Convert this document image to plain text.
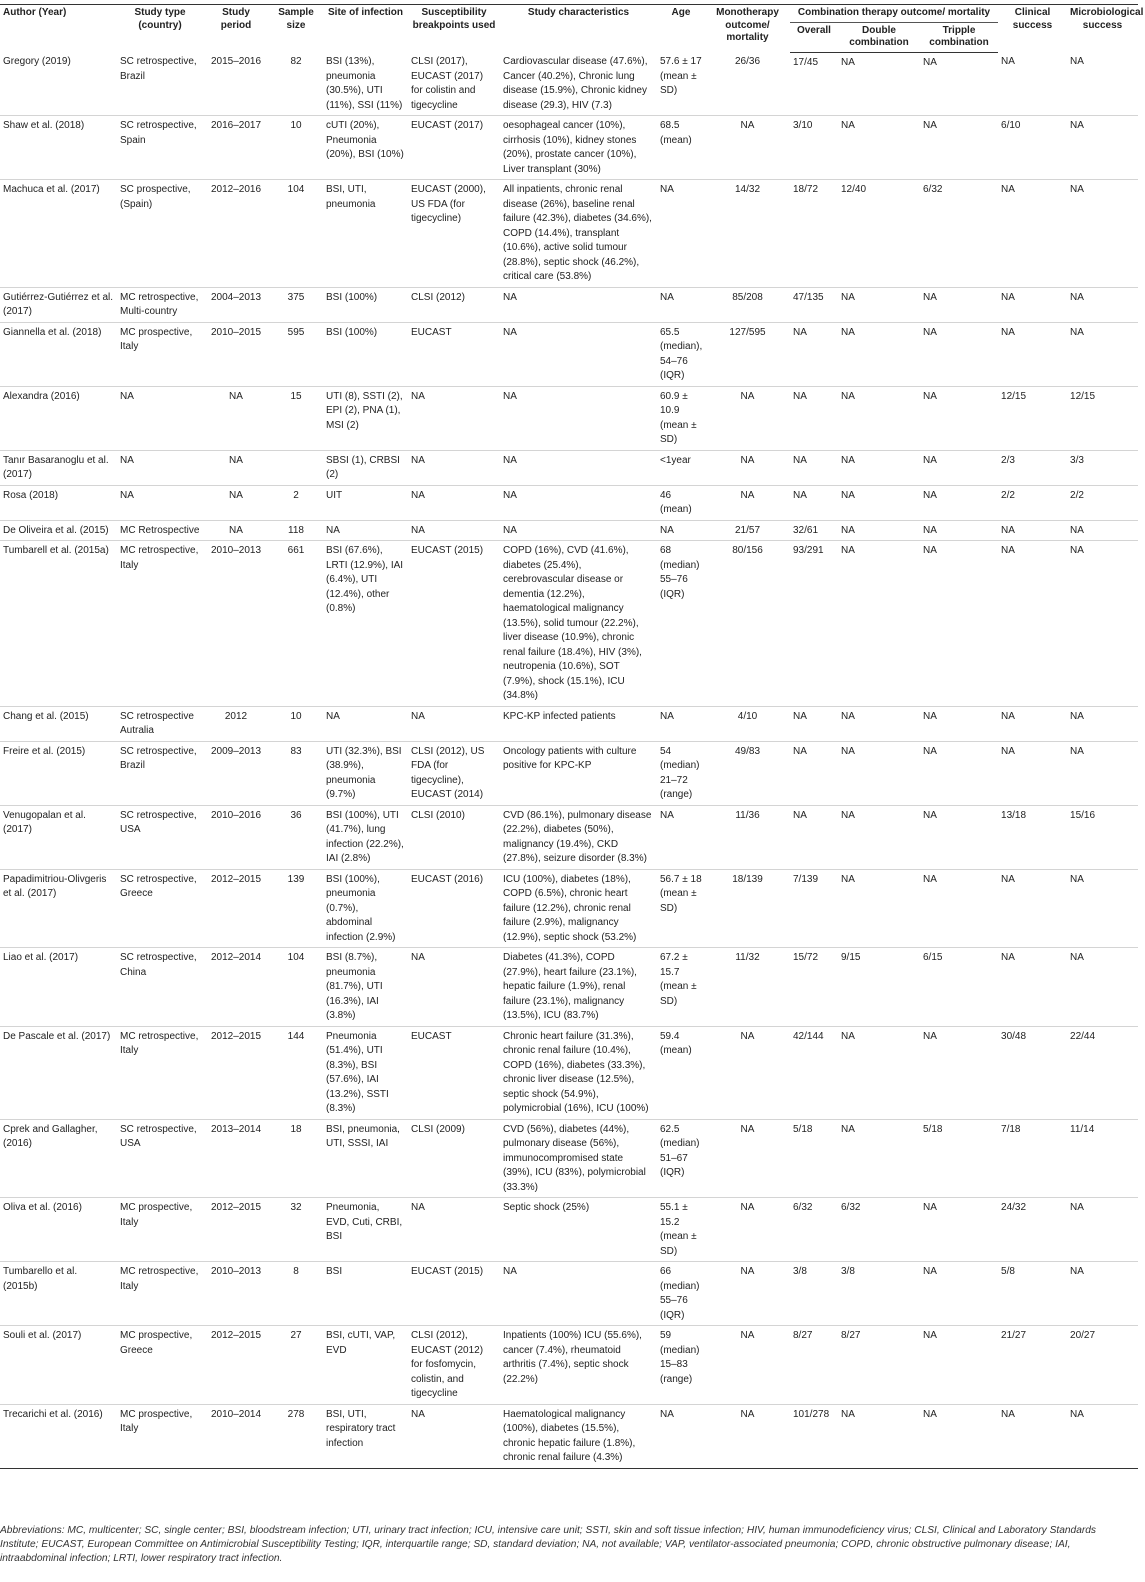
Author (Year)	Study type (country)	Study period	Sample size	Site of infection	Susceptibility breakpoints used	Study characteristics	Age	Monotherapy outcome/ mortality	Combination therapy outcome/ mortality			Clinical success	Microbiological success
									Overall	Double combination	Tripple combination		
Gregory (2019)	SC retrospective, Brazil	2015–2016	82	BSI (13%), pneumonia (30.5%), UTI (11%), SSI (11%)	CLSI (2017), EUCAST (2017) for colistin and tigecycline	Cardiovascular disease (47.6%), Cancer (40.2%), Chronic lung disease (15.9%), Chronic kidney disease (29.3), HIV (7.3)	57.6 ± 17 (mean ± SD)	26/36	17/45	NA	NA	NA	NA
Shaw et al. (2018)	SC retrospective, Spain	2016–2017	10	cUTI (20%), Pneumonia (20%), BSI (10%)	EUCAST (2017)	oesophageal cancer (10%), cirrhosis (10%), kidney stones (20%), prostate cancer (10%), Liver transplant (30%)	68.5 (mean)	NA	3/10	NA	NA	6/10	NA
Machuca et al. (2017)	SC prospective, (Spain)	2012–2016	104	BSI, UTI, pneumonia	EUCAST (2000), US FDA (for tigecycline)	All inpatients, chronic renal disease (26%), baseline renal failure (42.3%), diabetes (34.6%), COPD (14.4%), transplant (10.6%), active solid tumour (28.8%), septic shock (46.2%), critical care (53.8%)	NA	14/32	18/72	12/40	6/32	NA	NA
Gutiérrez-Gutiérrez et al. (2017)	MC retrospective, Multi-country	2004–2013	375	BSI (100%)	CLSI (2012)	NA	NA	85/208	47/135	NA	NA	NA	NA
Giannella et al. (2018)	MC prospective, Italy	2010–2015	595	BSI (100%)	EUCAST	NA	65.5 (median), 54–76 (IQR)	127/595	NA	NA	NA	NA	NA
Alexandra (2016)	NA	NA	15	UTI (8), SSTI (2), EPI (2), PNA (1), MSI (2)	NA	NA	60.9 ± 10.9 (mean ± SD)	NA	NA	NA	NA	12/15	12/15
Tanır Basaranoglu et al. (2017)	NA	NA		SBSI (1), CRBSI (2)	NA	NA	<1year	NA	NA	NA	NA	2/3	3/3
Rosa (2018)	NA	NA	2	UIT	NA	NA	46 (mean)	NA	NA	NA	NA	2/2	2/2
De Oliveira et al. (2015)	MC Retrospective	NA	118	NA	NA	NA	NA	21/57	32/61	NA	NA	NA	NA
Tumbarell et al. (2015a)	MC retrospective, Italy	2010–2013	661	BSI (67.6%), LRTI (12.9%), IAI (6.4%), UTI (12.4%), other (0.8%)	EUCAST (2015)	COPD (16%), CVD (41.6%), diabetes (25.4%), cerebrovascular disease or dementia (12.2%), haematological malignancy (13.5%), solid tumour (22.2%), liver disease (10.9%), chronic renal failure (18.4%), HIV (3%), neutropenia (10.6%), SOT (7.9%), shock (15.1%), ICU (34.8%)	68 (median) 55–76 (IQR)	80/156	93/291	NA	NA	NA	NA
Chang et al. (2015)	SC retrospective Autralia	2012	10	NA	NA	KPC-KP infected patients	NA	4/10	NA	NA	NA	NA	NA
Freire et al. (2015)	SC retrospective, Brazil	2009–2013	83	UTI (32.3%), BSI (38.9%), pneumonia (9.7%)	CLSI (2012), US FDA (for tigecycline), EUCAST (2014)	Oncology patients with culture positive for KPC-KP	54 (median) 21–72 (range)	49/83	NA	NA	NA	NA	NA
Venugopalan et al. (2017)	SC retrospective, USA	2010–2016	36	BSI (100%), UTI (41.7%), lung infection (22.2%), IAI (2.8%)	CLSI (2010)	CVD (86.1%), pulmonary disease (22.2%), diabetes (50%), malignancy (19.4%), CKD (27.8%), seizure disorder (8.3%)	NA	11/36	NA	NA	NA	13/18	15/16
Papadimitriou-Olivgeris et al. (2017)	SC retrospective, Greece	2012–2015	139	BSI (100%), pneumonia (0.7%), abdominal infection (2.9%)	EUCAST (2016)	ICU (100%), diabetes (18%), COPD (6.5%), chronic heart failure (12.2%), chronic renal failure (2.9%), malignancy (12.9%), septic shock (53.2%)	56.7 ± 18 (mean ± SD)	18/139	7/139	NA	NA	NA	NA
Liao et al. (2017)	SC retrospective, China	2012–2014	104	BSI (8.7%), pneumonia (81.7%), UTI (16.3%), IAI (3.8%)	NA	Diabetes (41.3%), COPD (27.9%), heart failure (23.1%), hepatic failure (1.9%), renal failure (23.1%), malignancy (13.5%), ICU (83.7%)	67.2 ± 15.7 (mean ± SD)	11/32	15/72	9/15	6/15	NA	NA
De Pascale et al. (2017)	MC retrospective, Italy	2012–2015	144	Pneumonia (51.4%), UTI (8.3%), BSI (57.6%), IAI (13.2%), SSTI (8.3%)	EUCAST	Chronic heart failure (31.3%), chronic renal failure (10.4%), COPD (16%), diabetes (33.3%), chronic liver disease (12.5%), septic shock (54.9%), polymicrobial (16%), ICU (100%)	59.4 (mean)	NA	42/144	NA	NA	30/48	22/44
Cprek and Gallagher, (2016)	SC retrospective, USA	2013–2014	18	BSI, pneumonia, UTI, SSSI, IAI	CLSI (2009)	CVD (56%), diabetes (44%), pulmonary disease (56%), immunocompromised state (39%), ICU (83%), polymicrobial (33.3%)	62.5 (median) 51–67 (IQR)	NA	5/18	NA	5/18	7/18	11/14
Oliva et al. (2016)	MC prospective, Italy	2012–2015	32	Pneumonia, EVD, Cuti, CRBI, BSI	NA	Septic shock (25%)	55.1 ± 15.2 (mean ± SD)	NA	6/32	6/32	NA	24/32	NA
Tumbarello et al. (2015b)	MC retrospective, Italy	2010–2013	8	BSI	EUCAST (2015)	NA	66 (median) 55–76 (IQR)	NA	3/8	3/8	NA	5/8	NA
Souli et al. (2017)	MC prospective, Greece	2012–2015	27	BSI, cUTI, VAP, EVD	CLSI (2012), EUCAST (2012) for fosfomycin, colistin, and tigecycline	Inpatients (100%) ICU (55.6%), cancer (7.4%), rheumatoid arthritis (7.4%), septic shock (22.2%)	59 (median) 15–83 (range)	NA	8/27	8/27	NA	21/27	20/27
Trecarichi et al. (2016)	MC prospective, Italy	2010–2014	278	BSI, UTI, respiratory tract infection	NA	Haematological malignancy (100%), diabetes (15.5%), chronic hepatic failure (1.8%), chronic renal failure (4.3%)	NA	NA	101/278	NA	NA	NA	NA

Abbreviations: MC, multicenter; SC, single center; BSI, bloodstream infection; UTI, urinary tract infection; ICU, intensive care unit; SSTI, skin and soft tissue infection; HIV, human immunodeficiency virus; CLSI, Clinical and Laboratory Standards Institute; EUCAST, European Committee on Antimicrobial Susceptibility Testing; IQR, interquartile range; SD, standard deviation; NA, not available; VAP, ventilator-associated pneumonia; COPD, chronic obstructive pulmonary disease; IAI, intraabdominal infection; LRTI, lower respiratory tract infection.
